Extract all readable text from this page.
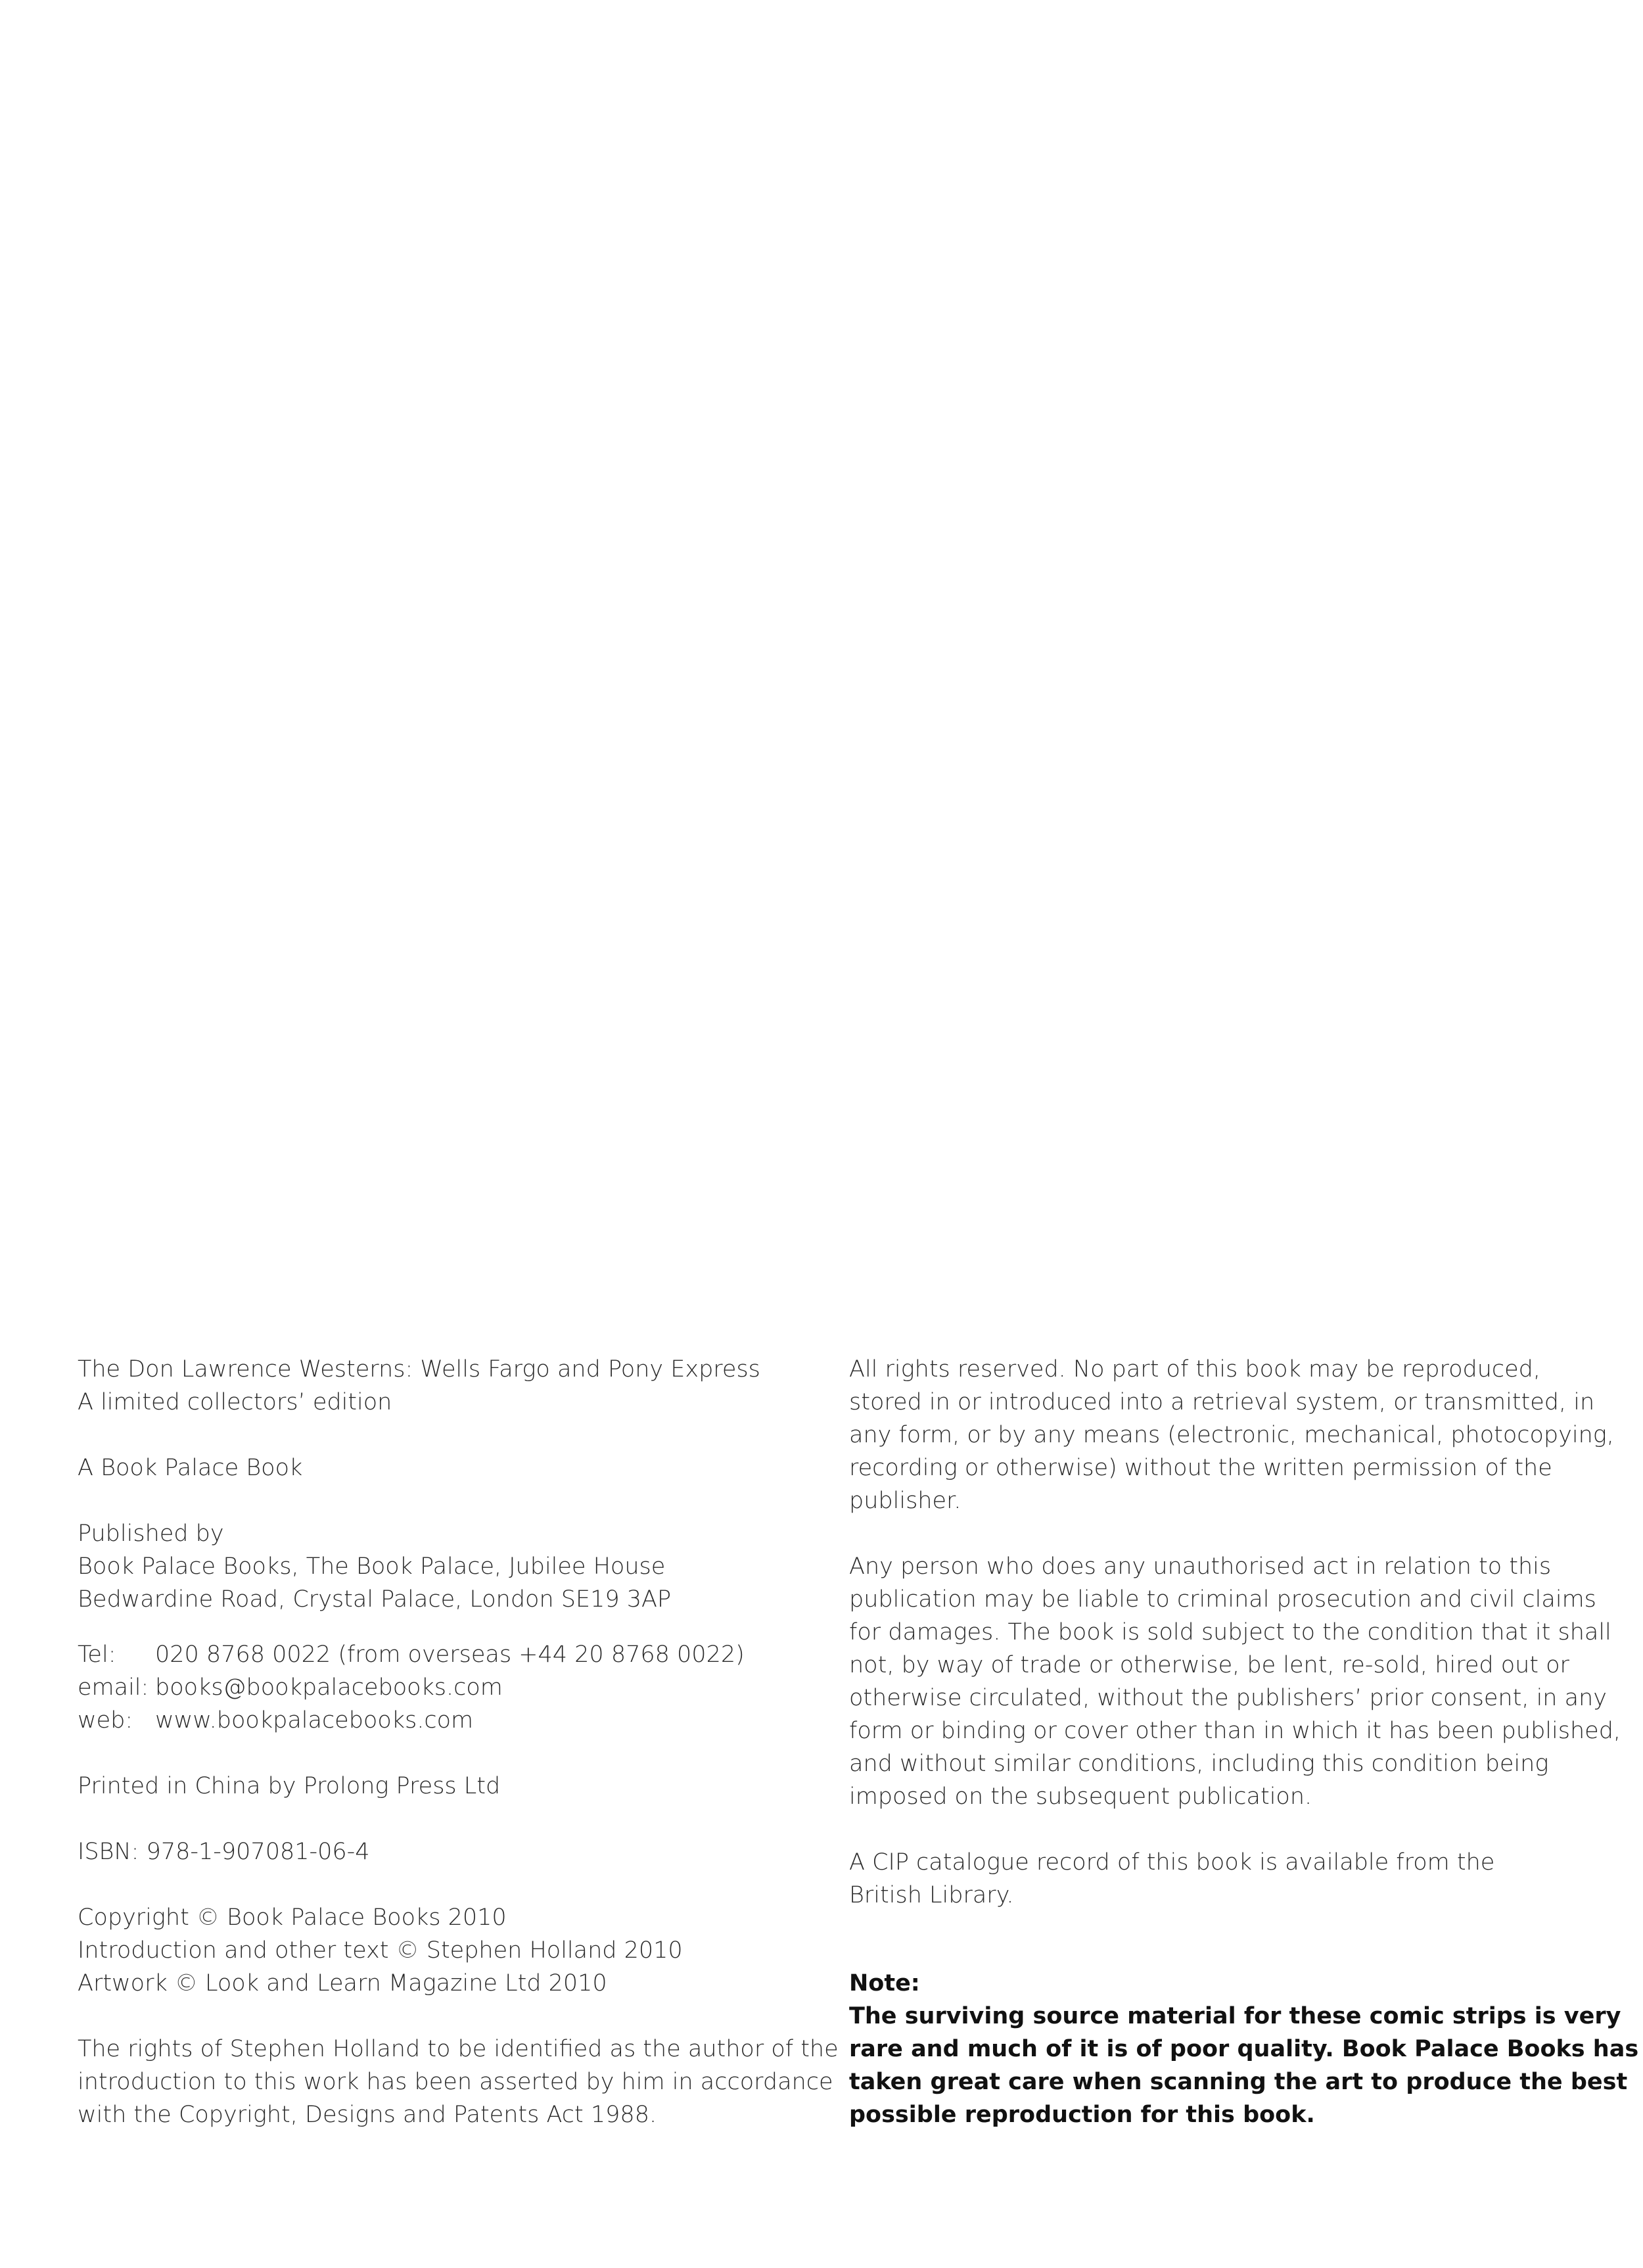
The Don Lawrence Westerns: Wells Fargo and Pony Express
A limited collectors’ edition
A Book Palace Book
Published by
Book Palace Books, The Book Palace, Jubilee House
Bedwardine Road, Crystal Palace, London SE19 3AP
Tel:	020 8768 0022 (from overseas +44 20 8768 0022)
email: books@bookpalacebooks.com
web: www.bookpalacebooks.com
Printed in China by Prolong Press Ltd
ISBN: 978-1-907081-06-4
Copyright © Book Palace Books 2010
Introduction and other text © Stephen Holland 2010
Artwork © Look and Learn Magazine Ltd 2010
The rights of Stephen Holland to be identified as the author of the
introduction to this work has been asserted by him in accordance
with the Copyright, Designs and Patents Act 1988.
All rights reserved. No part of this book may be reproduced,
stored in or introduced into a retrieval system, or transmitted, in
any form, or by any means (electronic, mechanical, photocopying,
recording or otherwise) without the written permission of the
publisher.
Any person who does any unauthorised act in relation to this
publication may be liable to criminal prosecution and civil claims
for damages. The book is sold subject to the condition that it shall
not, by way of trade or otherwise, be lent, re-sold, hired out or
otherwise circulated, without the publishers’ prior consent, in any
form or binding or cover other than in which it has been published,
and without similar conditions, including this condition being
imposed on the subsequent publication.
A CIP catalogue record of this book is available from the
British Library.
Note:
The surviving source material for these comic strips is very
rare and much of it is of poor quality. Book Palace Books has
taken great care when scanning the art to produce the best
possible reproduction for this book.
